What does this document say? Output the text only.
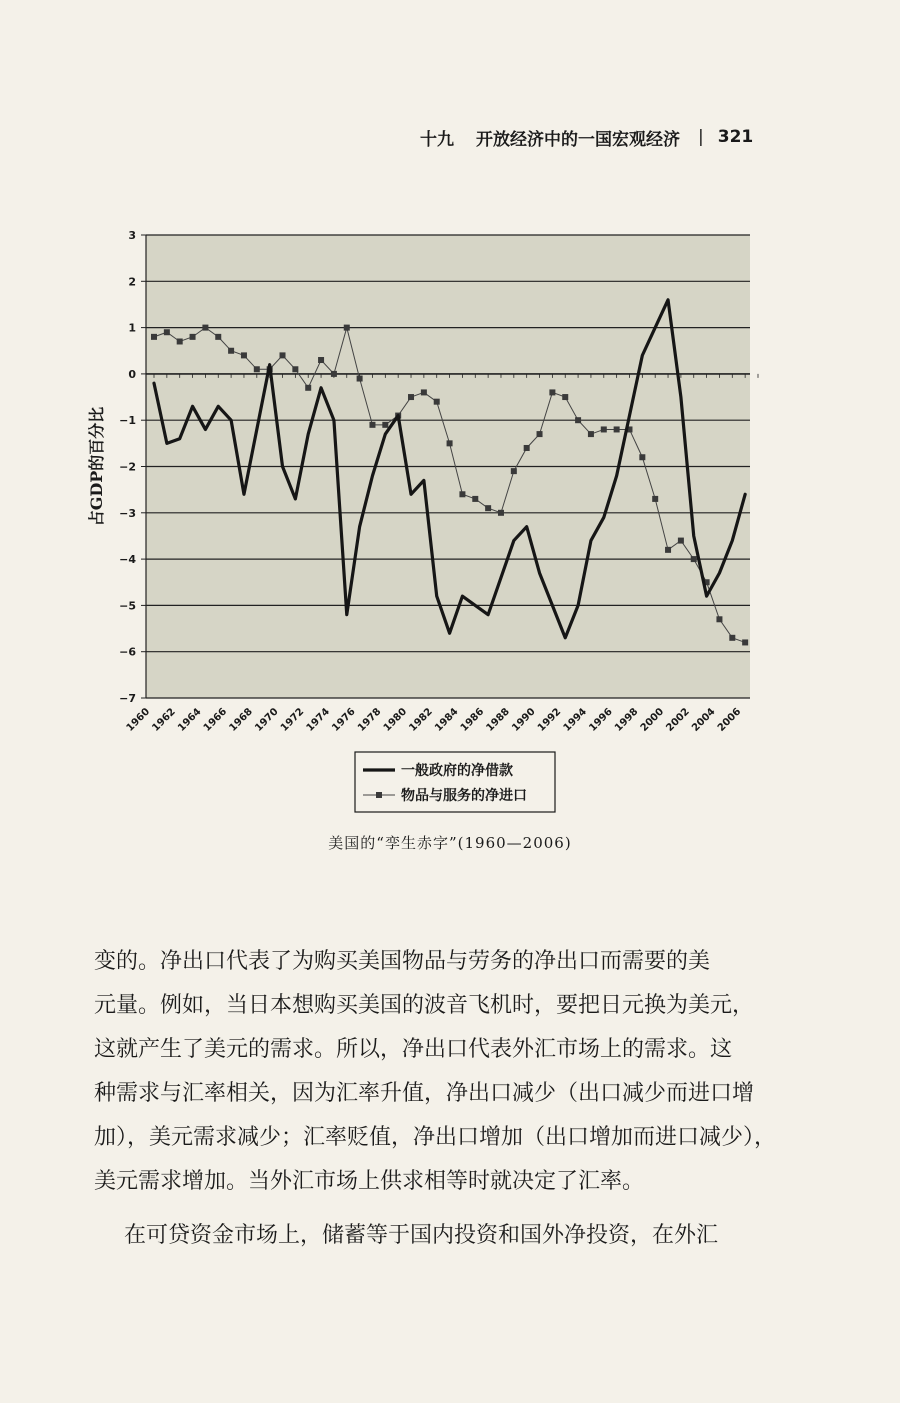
十九 开放经济中的一国宏观经济 | 321
3
2
1
0
−1
−2
−3
−4
−5
−6
−7
1960
1962
1964
1966
1968
1970
1972
1974
1976
1978
1980
1982
1984
1986
1988
1990
1992
1994
1996
1998
2000
2002
2004
2006
占GDP的百分比
一般政府的净借款
物品与服务的净进口
美国的“孪生赤字”(1960—2006)
变的。净出口代表了为购买美国物品与劳务的净出口而需要的美
元量。例如，当日本想购买美国的波音飞机时，要把日元换为美元，
这就产生了美元的需求。所以，净出口代表外汇市场上的需求。这
种需求与汇率相关，因为汇率升值，净出口减少（出口减少而进口增
加），美元需求减少；汇率贬值，净出口增加（出口增加而进口减少），
美元需求增加。当外汇市场上供求相等时就决定了汇率。
在可贷资金市场上，储蓄等于国内投资和国外净投资，在外汇
